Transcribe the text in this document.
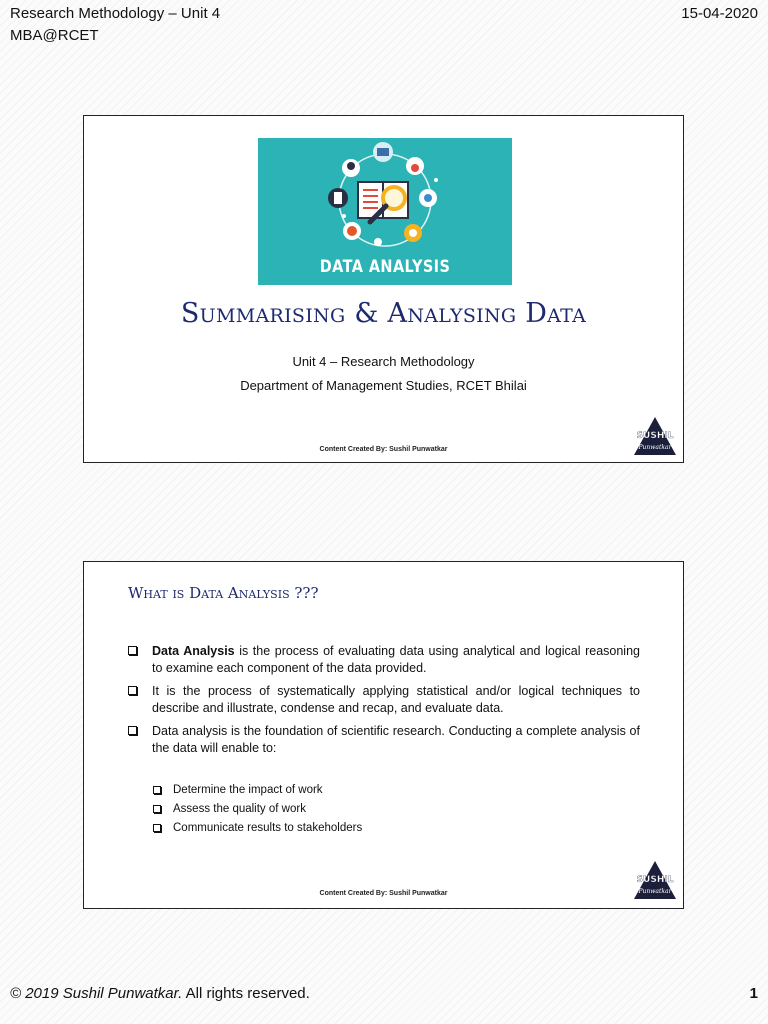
Research Methodology – Unit 4
MBA@RCET
15-04-2020
DATA ANALYSIS
Summarising & Analysing Data
Unit 4 – Research Methodology
Department of Management Studies, RCET Bhilai
Content Created By: Sushil Punwatkar
SUSHIL
Punwatkar
What is Data Analysis ???
Data Analysis is the process of evaluating data using analytical and logical reasoning to examine each component of the data provided.
It is the process of systematically applying statistical and/or logical techniques to describe and illustrate, condense and recap, and evaluate data.
Data analysis is the foundation of scientific research. Conducting a complete analysis of the data will enable to:
Determine the impact of work
Assess the quality of work
Communicate results to stakeholders
Content Created By: Sushil Punwatkar
SUSHIL
Punwatkar
© 2019 Sushil Punwatkar. All rights reserved.	1
